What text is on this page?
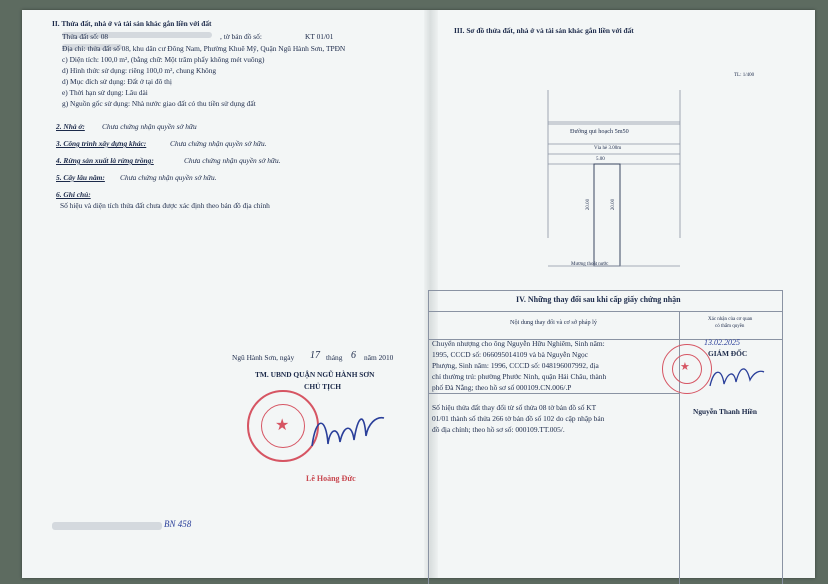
II. Thửa đất, nhà ở và tài sản khác gắn liền với đất
Thửa đất số: 08	, tờ bản đồ số:	KT 01/01
Địa chỉ: thửa đất số 08, khu dân cư Đông Nam, Phường Khuê Mỹ, Quận Ngũ Hành Sơn, TPĐN
c) Diện tích: 100,0 m², (bằng chữ: Một trăm phẩy không mét vuông)
d) Hình thức sử dụng: riêng 100,0 m², chung Không
d) Mục đích sử dụng: Đất ở tại đô thị
e) Thời hạn sử dụng: Lâu dài
g) Nguồn gốc sử dụng: Nhà nước giao đất có thu tiền sử dụng đất
2. Nhà ở: Chưa chứng nhận quyền sở hữu
3. Công trình xây dựng khác:	Chưa chứng nhận quyền sở hữu.
4. Rừng sản xuất là rừng trồng:	Chưa chứng nhận quyền sở hữu.
5. Cây lâu năm: Chưa chứng nhận quyền sở hữu.
6. Ghi chú:
Số hiệu và diện tích thửa đất chưa được xác định theo bản đồ địa chính
Ngũ Hành Sơn, ngày 17 tháng 6 năm 2010
TM. UBND QUẬN NGŨ HÀNH SƠN
CHỦ TỊCH
★
Lê Hoàng Đức
BN 458
III. Sơ đồ thửa đất, nhà ở và tài sản khác gắn liền với đất
TL: 1/400
Đường qui hoạch 5m50
Vỉa hè 3.00m
5.00
20.00	20.00
Mương thoát nước
IV. Những thay đổi sau khi cấp giấy chứng nhận
Nội dung thay đổi và cơ sở pháp lý	Xác nhận của cơ quan
có thẩm quyền
Chuyển nhượng cho ông Nguyễn Hữu Nghiêm, Sinh năm:
1995, CCCD số: 066095014109 và bà Nguyễn Ngọc
Phượng, Sinh năm: 1996, CCCD số: 048196007992, địa
chỉ thường trú: phường Phước Ninh, quận Hải Châu, thành
phố Đà Nẵng; theo hồ sơ số 000109.CN.006/.P
Số hiệu thửa đất thay đổi từ số thửa 08 tờ bản đồ số KT
01/01 thành số thửa 266 tờ bản đồ số 102 do cập nhập bản
đồ địa chính; theo hồ sơ số: 000109.TT.005/.
★
13.02.2025
GIÁM ĐỐC
Nguyễn Thanh Hiền
